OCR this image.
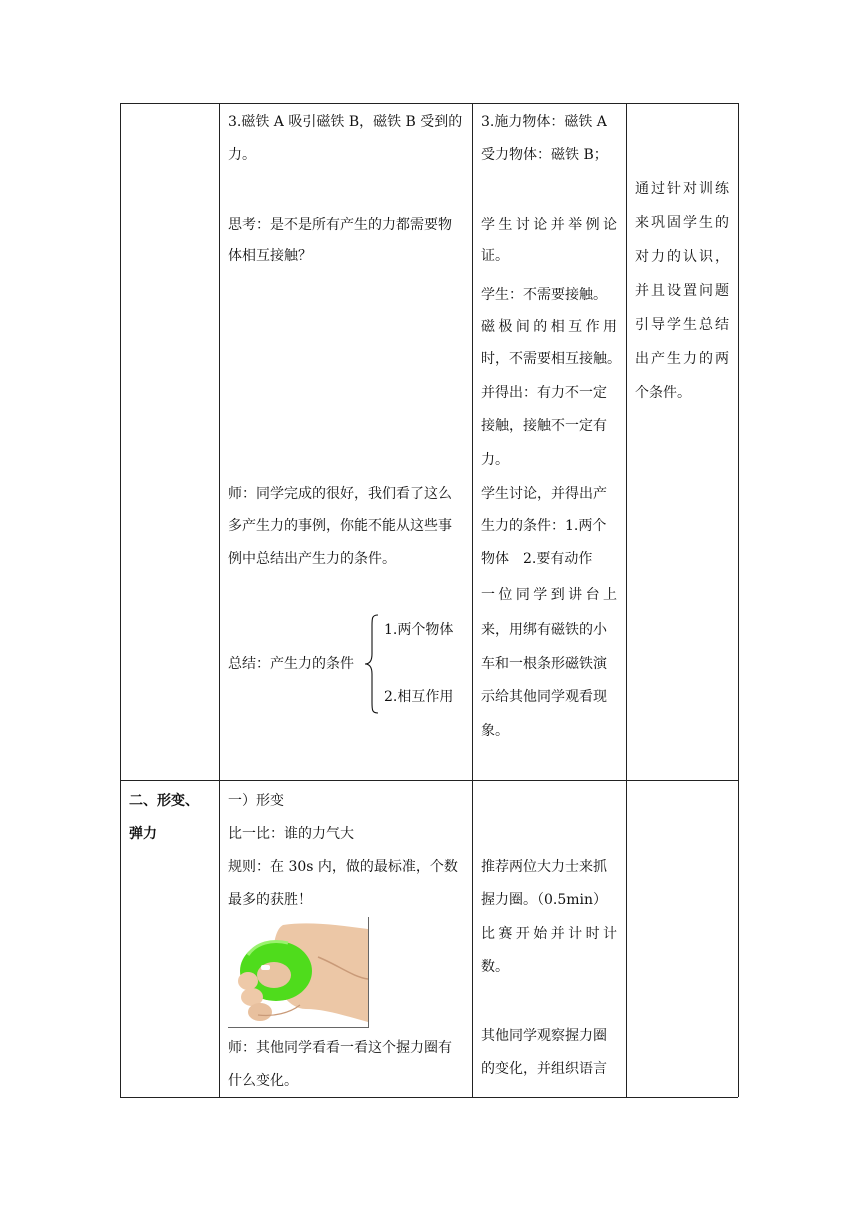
3.磁铁 A 吸引磁铁 B，磁铁 B 受到的
力。
思考：是不是所有产生的力都需要物
体相互接触？
师：同学完成的很好，我们看了这么
多产生力的事例，你能不能从这些事
例中总结出产生力的条件。
总结：产生力的条件
1.两个物体
2.相互作用
3.施力物体：磁铁 A
受力物体：磁铁 B；
学生讨论并举例论
证。
学生：不需要接触。
磁极间的相互作用
时，不需要相互接触。
并得出：有力不一定
接触，接触不一定有
力。
学生讨论，并得出产
生力的条件：1.两个
物体　2.要有动作
一位同学到讲台上
来，用绑有磁铁的小
车和一根条形磁铁演
示给其他同学观看现
象。
通过针对训练
来巩固学生的
对力的认识，
并且设置问题
引导学生总结
出产生力的两
个条件。
二、形变、
弹力
一）形变
比一比：谁的力气大
规则：在 30s 内，做的最标准，个数
最多的获胜！
师：其他同学看看一看这个握力圈有
什么变化。
推荐两位大力士来抓
握力圈。（0.5min）
比赛开始并计时计
数。
其他同学观察握力圈
的变化，并组织语言
